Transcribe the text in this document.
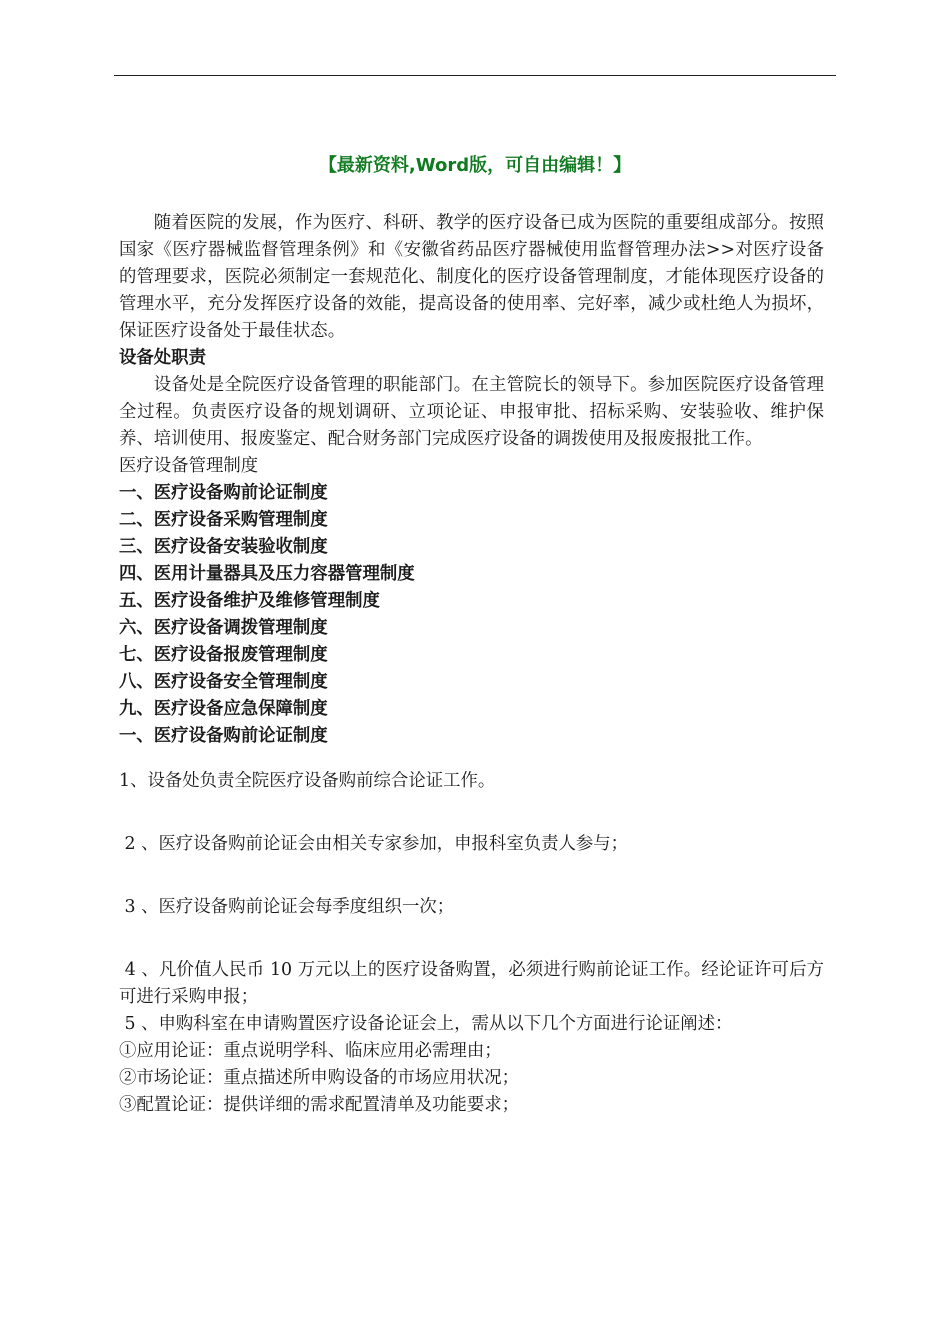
【最新资料,Word版，可自由编辑！】

随着医院的发展，作为医疗、科研、教学的医疗设备已成为医院的重要组成部分。按照国家《医疗器械监督管理条例》和《安徽省药品医疗器械使用监督管理办法>>对医疗设备的管理要求，医院必须制定一套规范化、制度化的医疗设备管理制度，才能体现医疗设备的管理水平，充分发挥医疗设备的效能，提高设备的使用率、完好率，减少或杜绝人为损坏，保证医疗设备处于最佳状态。

设备处职责

设备处是全院医疗设备管理的职能部门。在主管院长的领导下。参加医院医疗设备管理全过程。负责医疗设备的规划调研、立项论证、申报审批、招标采购、安装验收、维护保养、培训使用、报废鉴定、配合财务部门完成医疗设备的调拨使用及报废报批工作。

医疗设备管理制度

一、医疗设备购前论证制度

二、医疗设备采购管理制度

三、医疗设备安装验收制度

四、医用计量器具及压力容器管理制度

五、医疗设备维护及维修管理制度

六、医疗设备调拨管理制度

七、医疗设备报废管理制度

八、医疗设备安全管理制度

九、医疗设备应急保障制度

一、医疗设备购前论证制度

1、设备处负责全院医疗设备购前综合论证工作。

2 、医疗设备购前论证会由相关专家参加，申报科室负责人参与；

3 、医疗设备购前论证会每季度组织一次；

4 、凡价值人民币 10 万元以上的医疗设备购置，必须进行购前论证工作。经论证许可后方可进行采购申报；

5 、申购科室在申请购置医疗设备论证会上，需从以下几个方面进行论证阐述：

①应用论证：重点说明学科、临床应用必需理由；

②市场论证：重点描述所申购设备的市场应用状况；

③配置论证：提供详细的需求配置清单及功能要求；
